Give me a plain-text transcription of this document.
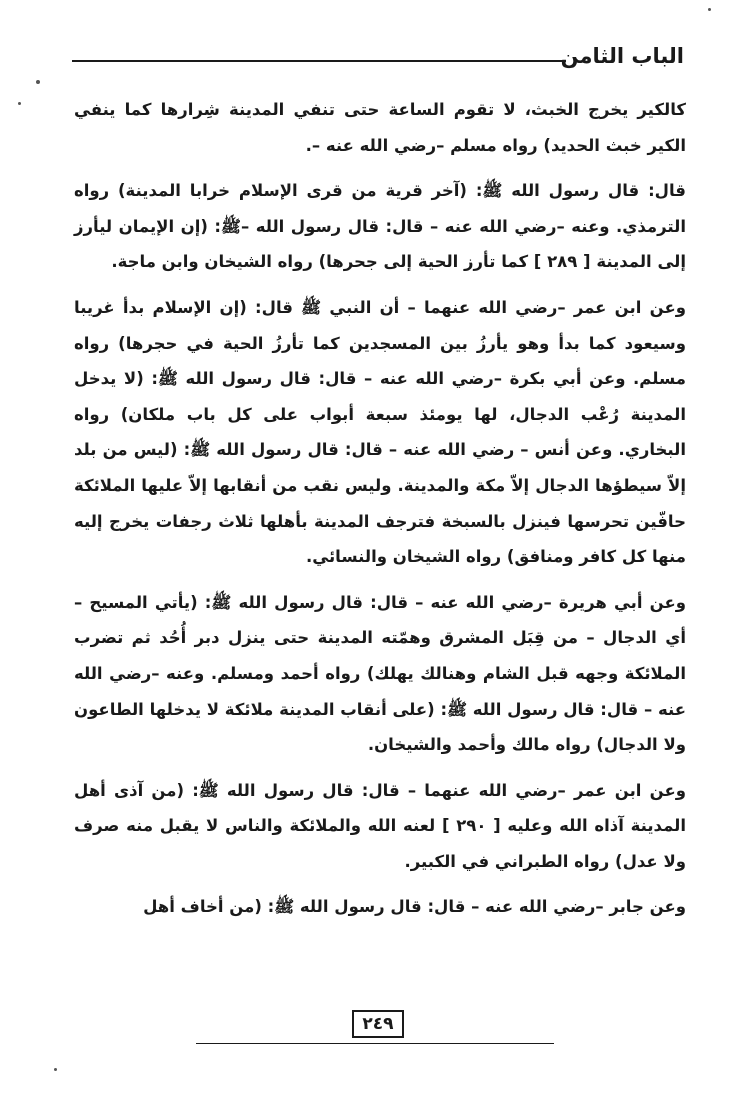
الباب الثامن

كالكير يخرج الخبث، لا تقوم الساعة حتى تنفي المدينة شِرارها كما ينفي الكير خبث الحديد) رواه مسلم –رضي الله عنه –.

قال: قال رسول الله ﷺ: (آخر قرية من قرى الإسلام خرابا المدينة) رواه الترمذي. وعنه –رضي الله عنه – قال: قال رسول الله –ﷺ: (إن الإيمان ليأرز إلى المدينة [ ٢٨٩ ] كما تأرز الحية إلى جحرها) رواه الشيخان وابن ماجة.

وعن ابن عمر –رضي الله عنهما – أن النبي ﷺ قال: (إن الإسلام بدأ غريبا وسيعود كما بدأ وهو يأرزُ بين المسجدين كما تأرزُ الحية في حجرها) رواه مسلم. وعن أبي بكرة –رضي الله عنه – قال: قال رسول الله ﷺ: (لا يدخل المدينة رُعْب الدجال، لها يومئذ سبعة أبواب على كل باب ملكان) رواه البخاري. وعن أنس – رضي الله عنه – قال: قال رسول الله ﷺ: (ليس من بلد إلاّ سيطؤها الدجال إلاّ مكة والمدينة. وليس نقب من أنقابها إلاّ عليها الملائكة حافّين تحرسها فينزل بالسبخة فترجف المدينة بأهلها ثلاث رجفات يخرج إليه منها كل كافر ومنافق) رواه الشيخان والنسائي.

وعن أبي هريرة –رضي الله عنه – قال: قال رسول الله ﷺ: (يأتي المسيح – أي الدجال – من قِبَل المشرق وهمّته المدينة حتى ينزل دبر أُحُد ثم تضرب الملائكة وجهه قبل الشام وهنالك يهلك) رواه أحمد ومسلم. وعنه –رضي الله عنه – قال: قال رسول الله ﷺ: (على أنقاب المدينة ملائكة لا يدخلها الطاعون ولا الدجال) رواه مالك وأحمد والشيخان.

وعن ابن عمر –رضي الله عنهما – قال: قال رسول الله ﷺ: (من آذى أهل المدينة آذاه الله وعليه [ ٢٩٠ ] لعنه الله والملائكة والناس لا يقبل منه صرف ولا عدل) رواه الطبراني في الكبير.

وعن جابر –رضي الله عنه – قال: قال رسول الله ﷺ: (من أخاف أهل

٢٤٩
